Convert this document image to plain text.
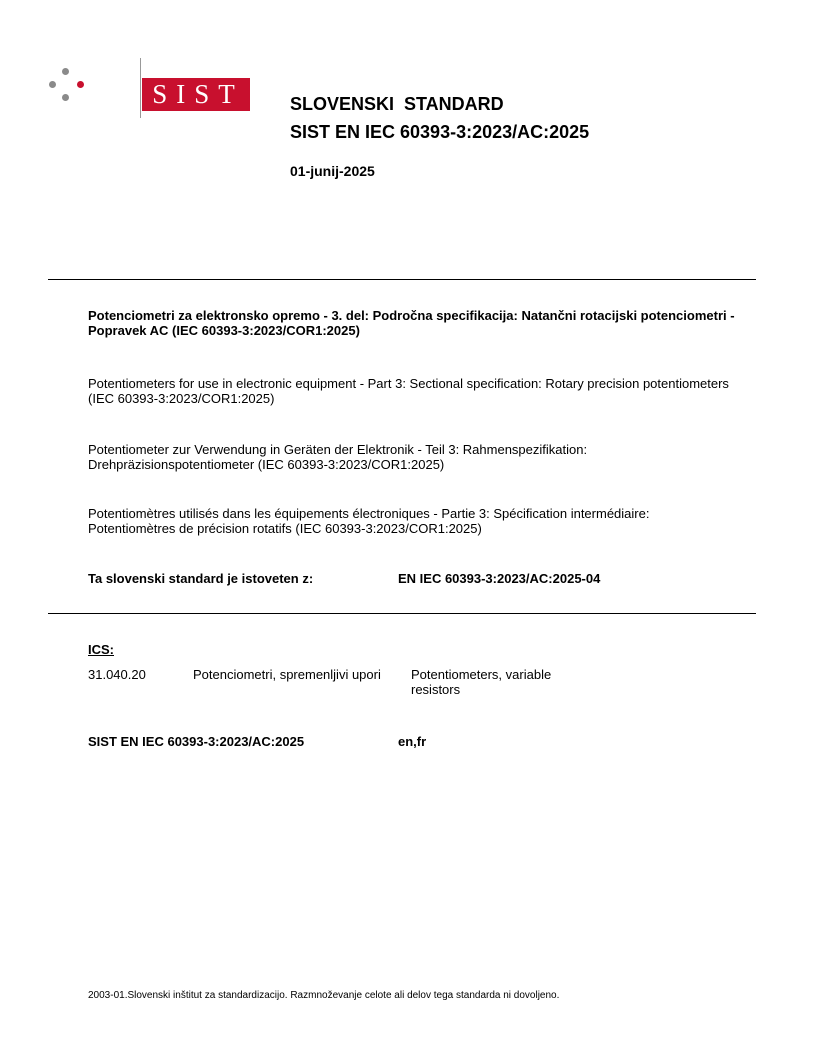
SIST	SLOVENSKI  STANDARD
SIST EN IEC 60393-3:2023/AC:2025
01-junij-2025
Potenciometri za elektronsko opremo - 3. del: Področna specifikacija: Natančni rotacijski potenciometri - Popravek AC (IEC 60393-3:2023/COR1:2025)
Potentiometers for use in electronic equipment - Part 3: Sectional specification: Rotary precision potentiometers (IEC 60393-3:2023/COR1:2025)
Potentiometer zur Verwendung in Geräten der Elektronik - Teil 3: Rahmenspezifikation: Drehpräzisionspotentiometer (IEC 60393-3:2023/COR1:2025)
Potentiomètres utilisés dans les équipements électroniques - Partie 3: Spécification intermédiaire: Potentiomètres de précision rotatifs (IEC 60393-3:2023/COR1:2025)
Ta slovenski standard je istoveten z:	EN IEC 60393-3:2023/AC:2025-04
ICS:
31.040.20	Potenciometri, spremenljivi upori	Potentiometers, variable resistors
SIST EN IEC 60393-3:2023/AC:2025	en,fr
2003-01.Slovenski inštitut za standardizacijo. Razmnoževanje celote ali delov tega standarda ni dovoljeno.
